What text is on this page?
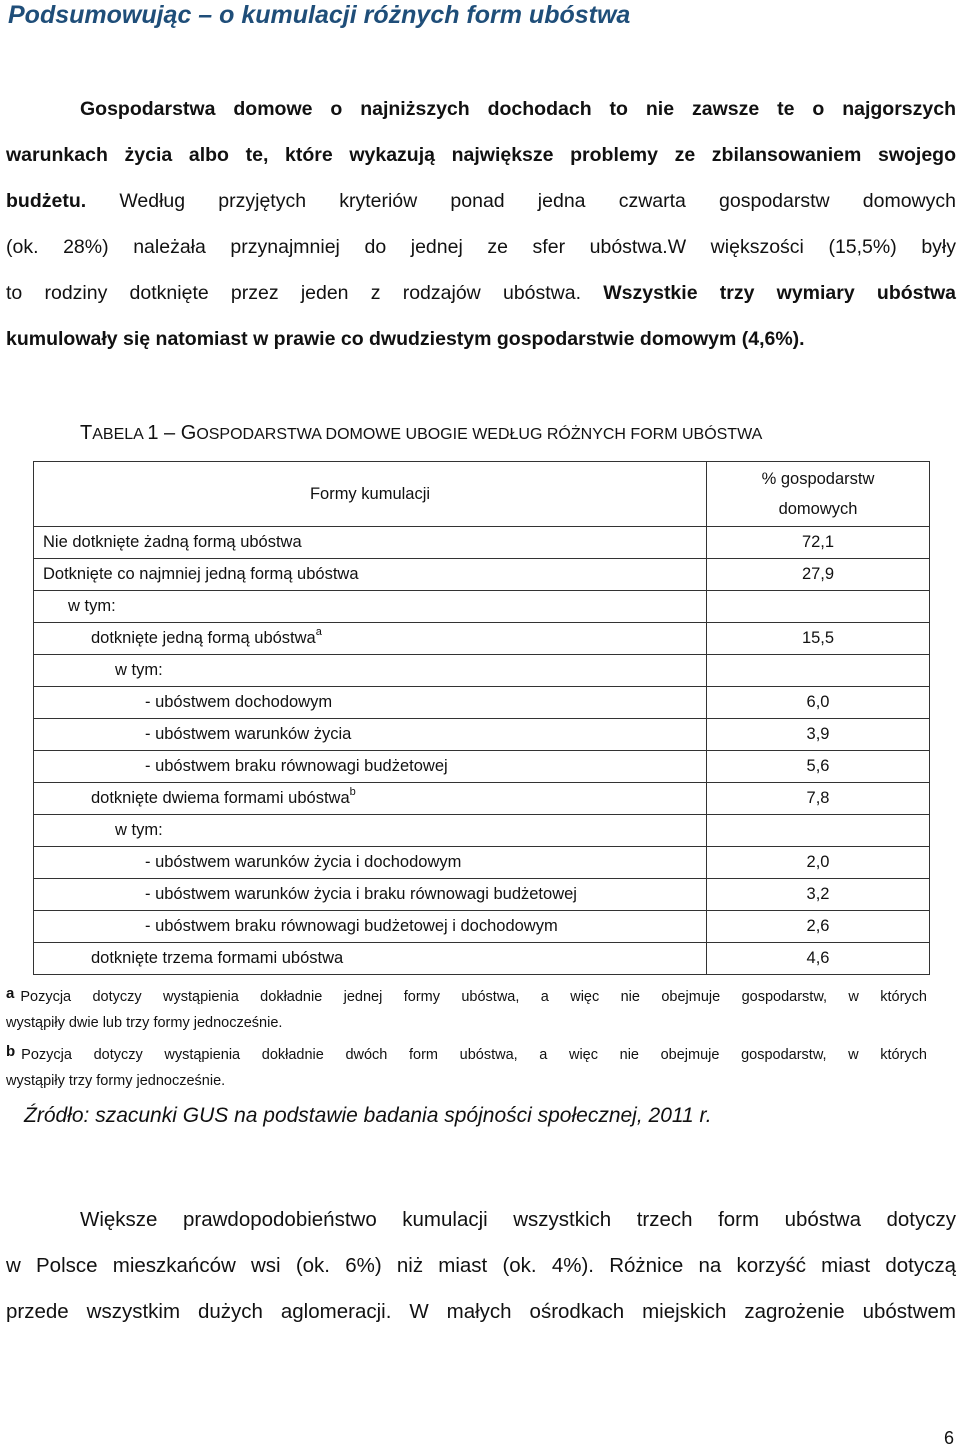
Podsumowując – o kumulacji różnych form ubóstwa
Gospodarstwa domowe o najniższych dochodach to nie zawsze te o najgorszych
warunkach życia albo te, które wykazują największe problemy ze zbilansowaniem swojego
budżetu. Według przyjętych kryteriów ponad jedna czwarta gospodarstw domowych
(ok. 28%) należała przynajmniej do jednej ze sfer ubóstwa.W większości (15,5%) były
to rodziny dotknięte przez jeden z rodzajów ubóstwa. Wszystkie trzy wymiary ubóstwa
kumulowały się natomiast w prawie co dwudziestym gospodarstwie domowym (4,6%).
TABELA 1 – GOSPODARSTWA DOMOWE UBOGIE WEDŁUG RÓŻNYCH FORM UBÓSTWA
Formy kumulacji	% gospodarstw
domowych
Nie dotknięte żadną formą ubóstwa	72,1
Dotknięte co najmniej jedną formą ubóstwa	27,9
w tym:	
dotknięte jedną formą ubóstwa$^a$	15,5
w tym:	
- ubóstwem dochodowym	6,0
- ubóstwem warunków życia	3,9
- ubóstwem braku równowagi budżetowej	5,6
dotknięte dwiema formami ubóstwa$^b$	7,8
w tym:	
- ubóstwem warunków życia i dochodowym	2,0
- ubóstwem warunków życia i braku równowagi budżetowej	3,2
- ubóstwem braku równowagi budżetowej i dochodowym	2,6
dotknięte trzema formami ubóstwa	4,6
a Pozycja dotyczy wystąpienia dokładnie jednej formy ubóstwa, a więc nie obejmuje gospodarstw, w których
wystąpiły dwie lub trzy formy jednocześnie.
b Pozycja dotyczy wystąpienia dokładnie dwóch form ubóstwa, a więc nie obejmuje gospodarstw, w których
wystąpiły trzy formy jednocześnie.
Źródło: szacunki GUS na podstawie badania spójności społecznej, 2011 r.
Większe prawdopodobieństwo kumulacji wszystkich trzech form ubóstwa dotyczy
w Polsce mieszkańców wsi (ok. 6%) niż miast (ok. 4%). Różnice na korzyść miast dotyczą
przede wszystkim dużych aglomeracji. W małych ośrodkach miejskich zagrożenie ubóstwem
6
